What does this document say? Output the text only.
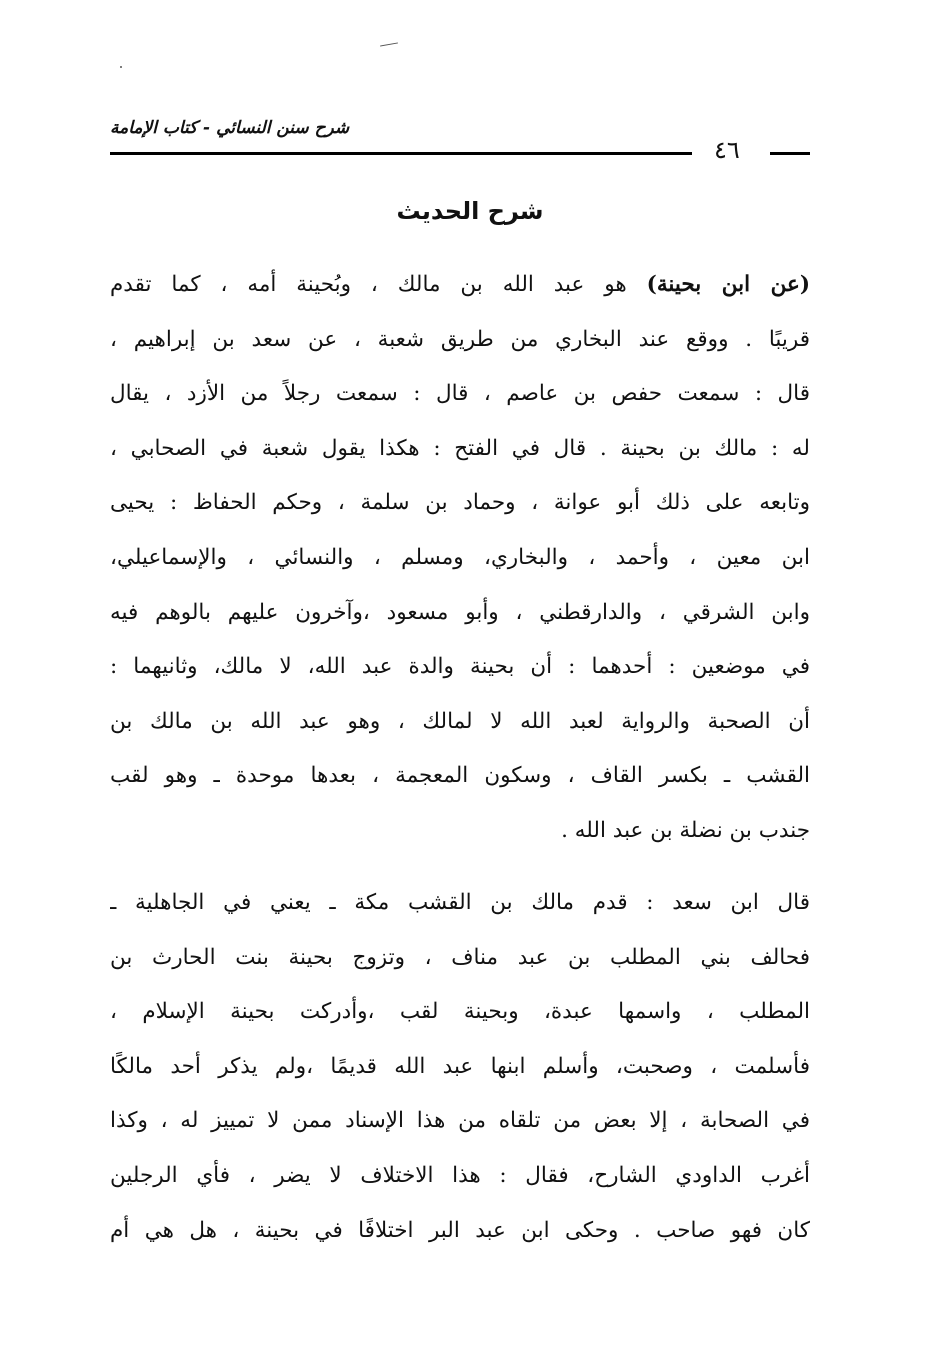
شرح سنن النسائي - كتاب الإمامة
٤٦
شرح الحديث
(عن ابن بحينة) هو عبد الله بن مالك ، وبُحينة أمه ، كما تقدم
قريبًا . ووقع عند البخاري من طريق شعبة ، عن سعد بن إبراهيم ،
قال : سمعت حفص بن عاصم ، قال : سمعت رجلاً من الأزد ، يقال
له : مالك بن بحينة . قال في الفتح : هكذا يقول شعبة في الصحابي ،
وتابعه على ذلك أبو عوانة ، وحماد بن سلمة ، وحكم الحفاظ : يحيى
ابن معين ، وأحمد ، والبخاري، ومسلم ، والنسائي ، والإسماعيلي،
وابن الشرقي ، والدارقطني ، وأبو مسعود ،وآخرون عليهم بالوهم فيه
في موضعين : أحدهما : أن بحينة والدة عبد الله، لا مالك، وثانيهما :
أن الصحبة والرواية لعبد الله لا لمالك ، وهو عبد الله بن مالك بن
القشب ـ بكسر القاف ، وسكون المعجمة ، بعدها موحدة ـ وهو لقب
جندب بن نضلة بن عبد الله .
قال ابن سعد : قدم مالك بن القشب مكة ـ يعني في الجاهلية ـ
فحالف بني المطلب بن عبد مناف ، وتزوج بحينة بنت الحارث بن
المطلب ، واسمها عبدة، وبحينة لقب ،وأدركت بحينة الإسلام ،
فأسلمت ، وصحبت، وأسلم ابنها عبد الله قديمًا ،ولم يذكر أحد مالكًا
في الصحابة ، إلا بعض من تلقاه من هذا الإسناد ممن لا تمييز له ، وكذا
أغرب الداودي الشارح، فقال : هذا الاختلاف لا يضر ، فأي الرجلين
كان فهو صاحب . وحكى ابن عبد البر اختلافًا في بحينة ، هل هي أم
